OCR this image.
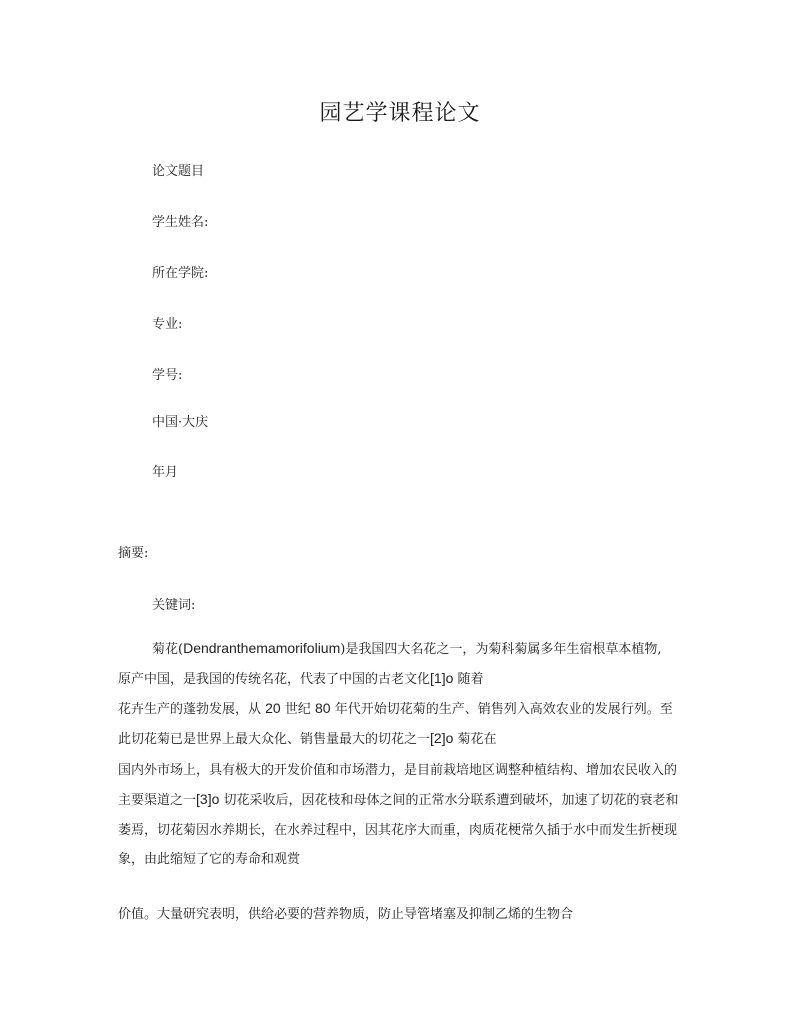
园艺学课程论文
论文题目
学生姓名:
所在学院:
专业:
学号:
中国·大庆
年月
摘要:
关键词:
菊花(Dendranthemamorifolium)是我国四大名花之一，为菊科菊属多年生宿根草本植物,
原产中国，是我国的传统名花，代表了中国的古老文化[1]o 随着
花卉生产的蓬勃发展，从 20 世纪 80 年代开始切花菊的生产、销售列入高效农业的发展行列。至
此切花菊已是世界上最大众化、销售量最大的切花之一[2]o 菊花在
国内外市场上，具有极大的开发价值和市场潜力，是目前栽培地区调整种植结构、增加农民收入的
主要渠道之一[3]o 切花采收后，因花枝和母体之间的正常水分联系遭到破坏，加速了切花的衰老和
萎焉，切花菊因水养期长，在水养过程中，因其花序大而重，肉质花梗常久插于水中而发生折梗现
象，由此缩短了它的寿命和观赏
价值。大量研究表明，供给必要的营养物质，防止导管堵塞及抑制乙烯的生物合
